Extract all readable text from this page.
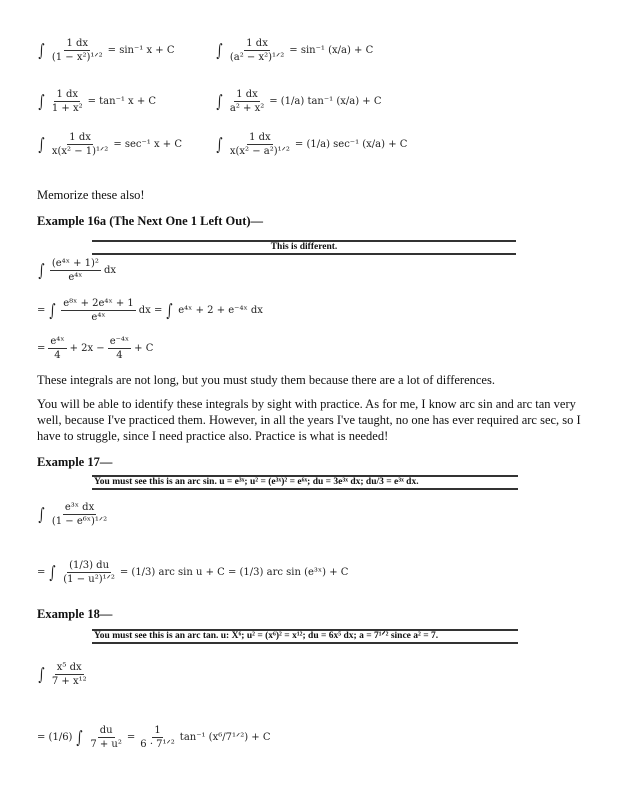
∫ $\frac{1 dx}{\text{(1 − x²)¹ᐟ²}} = \sin^{-1}$ x + C ∫ $\frac{1 dx}{\text{(a² − x²)¹ᐟ²}} = \sin^{-1}$ (x/a) + C
∫ $\frac{1 dx}{\text{1 + x²}} = \tan^{-1}$ x + C	∫ $\frac{1 dx}{\text{a² + x²}} = (1/a)$ tan⁻¹ (x/a) + C
∫ $\frac{1 dx}{\text{x(x² − 1)¹ᐟ²}} = \sec^{-1}$ x + C ∫ $\frac{1 dx}{\text{x(x² − a²)¹ᐟ²}} = (1/a)$ sec⁻¹ (x/a) + C
Memorize these also!
Example 16a (The Next One 1 Left Out)—
This is different.
∫ $\frac{\text{(e⁴ˣ + 1)²}}{\text{e⁴ˣ}}$ dx
= ∫ $\frac{\text{e⁸ˣ + 2e⁴ˣ + 1}}{\text{e⁴ˣ}}$ dx = ∫ e⁴ˣ + 2 + e⁻⁴ˣ dx
= $\frac{\text{e⁴ˣ}}{4} + 2x - \frac{\text{e⁻⁴ˣ}}{4} + C$
These integrals are not long, but you must study them because there are a lot of differences.
You will be able to identify these integrals by sight with practice. As for me, I know arc sin and arc tan very well, because I've practiced them. However, in all the years I've taught, no one has ever required arc sec, so I have to struggle, since I need practice also. Practice is what is needed!
Example 17—
You must see this is an arc sin. u = e³ˣ; u² = (e³ˣ)² = e⁶ˣ; du = 3e³ˣ dx; du/3 = e³ˣ dx.
∫ $\frac{\text{e³ˣ dx}}{\text{(1 − e⁶ˣ)¹ᐟ²}}$
= ∫ $\frac{(1/3) du}{\text{(1 − u²)¹ᐟ²}} = (1/3)$ arc sin u + C = (1/3) arc sin (e³ˣ) + C
Example 18—
You must see this is an arc tan. u: X⁶; u² = (x⁶)² = x¹²; du = 6x⁵ dx; a = 7¹ᐟ² since a² = 7.
∫ $\frac{\text{x⁵ dx}}{\text{7 + x¹²}}$
= (1/6) ∫ $\frac{du}{\text{7 + u²}} = \frac{1}{\text{6 · 7¹ᐟ²}} \tan^{-1}$ (x⁶/7¹ᐟ²) + C
